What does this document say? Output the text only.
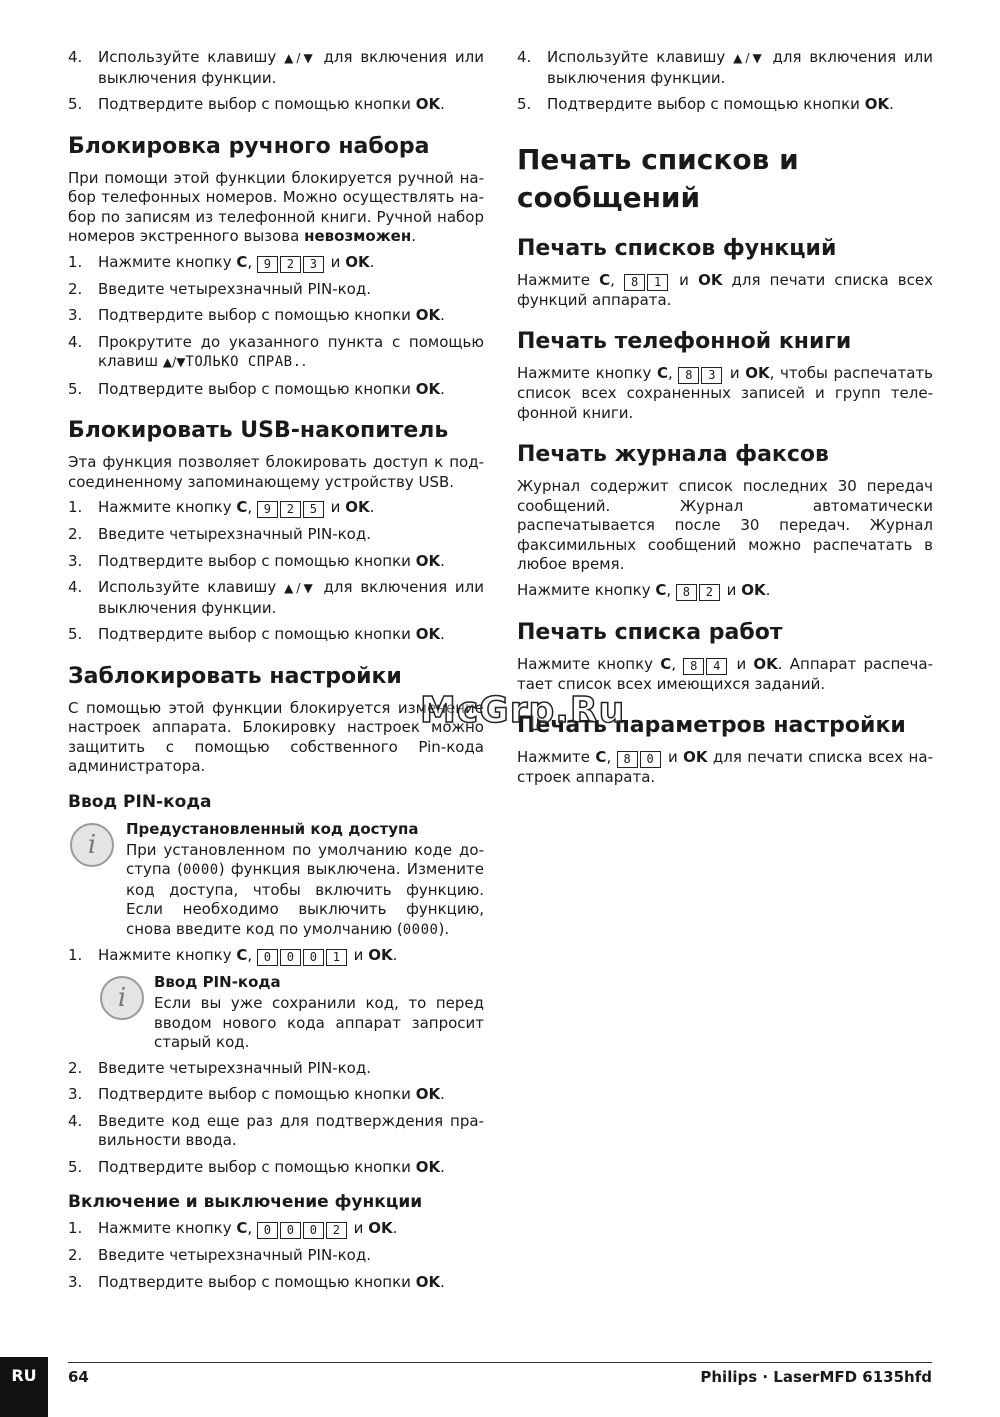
4. Используйте клавишу ▲/▼ для включения или выключения функции.
5. Подтвердите выбор с помощью кнопки OK.
Блокировка ручного набора

При помощи этой функции блокируется ручной набор телефонных номеров. Можно осуществлять набор по записям из телефонной книги. Ручной набор номеров экстренного вызова невозможен.

1. Нажмите кнопку C, 9 2 3 и OK.
2. Введите четырехзначный PIN-код.
3. Подтвердите выбор с помощью кнопки OK.
4. Прокрутите до указанного пункта с помощью клавиш ▲/▼ТОЛЬКО СПРАВ..
5. Подтвердите выбор с помощью кнопки OK.
Блокировать USB-накопитель

Эта функция позволяет блокировать доступ к подсоединенному запоминающему устройству USB.

1. Нажмите кнопку C, 9 2 5 и OK.
2. Введите четырехзначный PIN-код.
3. Подтвердите выбор с помощью кнопки OK.
4. Используйте клавишу ▲/▼ для включения или выключения функции.
5. Подтвердите выбор с помощью кнопки OK.
Заблокировать настройки

С помощью этой функции блокируется изменение настроек аппарата. Блокировку настроек можно защитить с помощью собственного Pin-кода администратора.

Ввод PIN-кода
i
Предустановленный код доступа

При установленном по умолчанию коде доступа (0000) функция выключена. Измените код доступа, чтобы включить функцию. Если необходимо выключить функцию, снова введите код по умолчанию (0000).

1. Нажмите кнопку C, 0 0 0 1 и OK.
i
Ввод PIN-кода

Если вы уже сохранили код, то перед вводом нового кода аппарат запросит старый код.

2. Введите четырехзначный PIN-код.
3. Подтвердите выбор с помощью кнопки OK.
4. Введите код еще раз для подтверждения правильности ввода.
5. Подтвердите выбор с помощью кнопки OK.
Включение и выключение функции
1. Нажмите кнопку C, 0 0 0 2 и OK.
2. Введите четырехзначный PIN-код.
3. Подтвердите выбор с помощью кнопки OK.
4. Используйте клавишу ▲/▼ для включения или выключения функции.
5. Подтвердите выбор с помощью кнопки OK.
Печать списков и сообщений
Печать списков функций

Нажмите C, 8 1 и OK для печати списка всех функций аппарата.

Печать телефонной книги

Нажмите кнопку C, 8 3 и OK, чтобы распечатать список всех сохраненных записей и групп телефонной книги.

Печать журнала факсов

Журнал содержит список последних 30 передач сообщений. Журнал автоматически распечатывается после 30 передач. Журнал факсимильных сообщений можно распечатать в любое время.

Нажмите кнопку C, 8 2 и OK.

Печать списка работ

Нажмите кнопку C, 8 4 и OK. Аппарат распечатает список всех имеющихся заданий.

Печать параметров настройки

Нажмите C, 8 0 и OK для печати списка всех настроек аппарата.

McGrp.Ru
RU	64	Philips · LaserMFD 6135hfd
